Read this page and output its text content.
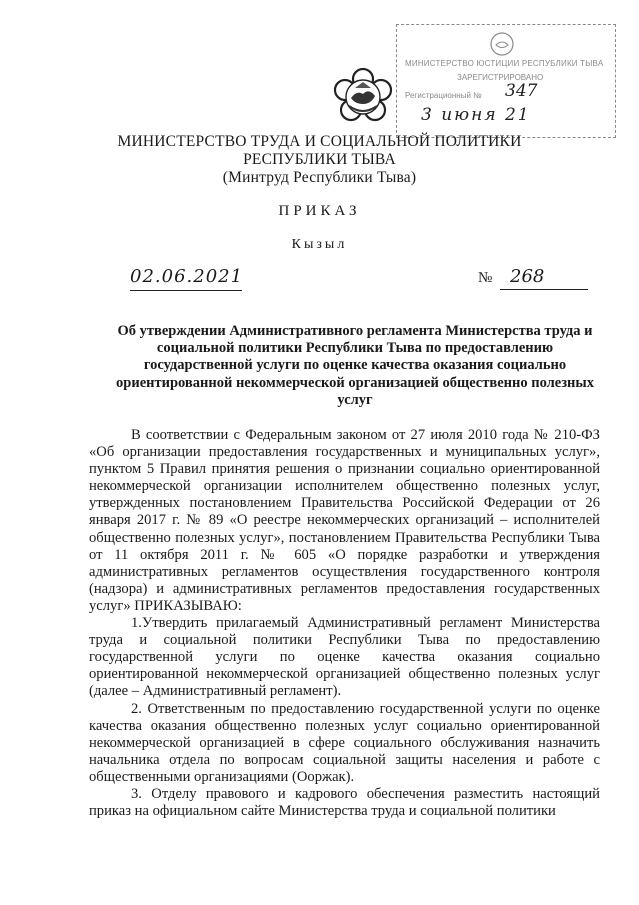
МИНИСТЕРСТВО ЮСТИЦИИ РЕСПУБЛИКИ ТЫВА
ЗАРЕГИСТРИРОВАНО
Регистрационный № 347
3 июня 21
МИНИСТЕРСТВО ТРУДА И СОЦИАЛЬНОЙ ПОЛИТИКИ
РЕСПУБЛИКИ ТЫВА
(Минтруд Республики Тыва)
ПРИКАЗ
Кызыл
02.06.2021	№ 268
Об утверждении Административного регламента Министерства труда и социальной политики Республики Тыва по предоставлению государственной услуги по оценке качества оказания социально ориентированной некоммерческой организацией общественно полезных услуг

В соответствии с Федеральным законом от 27 июля 2010 года № 210-ФЗ «Об организации предоставления государственных и муниципальных услуг», пунктом 5 Правил принятия решения о признании социально ориентированной некоммерческой организации исполнителем общественно полезных услуг, утвержденных постановлением Правительства Российской Федерации от 26 января 2017 г. № 89 «О реестре некоммерческих организаций – исполнителей общественно полезных услуг», постановлением Правительства Республики Тыва от 11 октября 2011 г. № 605 «О порядке разработки и утверждения административных регламентов осуществления государственного контроля (надзора) и административных регламентов предоставления государственных услуг» ПРИКАЗЫВАЮ:

1.Утвердить прилагаемый Административный регламент Министерства труда и социальной политики Республики Тыва по предоставлению государственной услуги по оценке качества оказания социально ориентированной некоммерческой организацией общественно полезных услуг (далее – Административный регламент).

2. Ответственным по предоставлению государственной услуги по оценке качества оказания общественно полезных услуг социально ориентированной некоммерческой организацией в сфере социального обслуживания назначить начальника отдела по вопросам социальной защиты населения и работе с общественными организациями (Ооржак).

3. Отделу правового и кадрового обеспечения разместить настоящий приказ на официальном сайте Министерства труда и социальной политики
